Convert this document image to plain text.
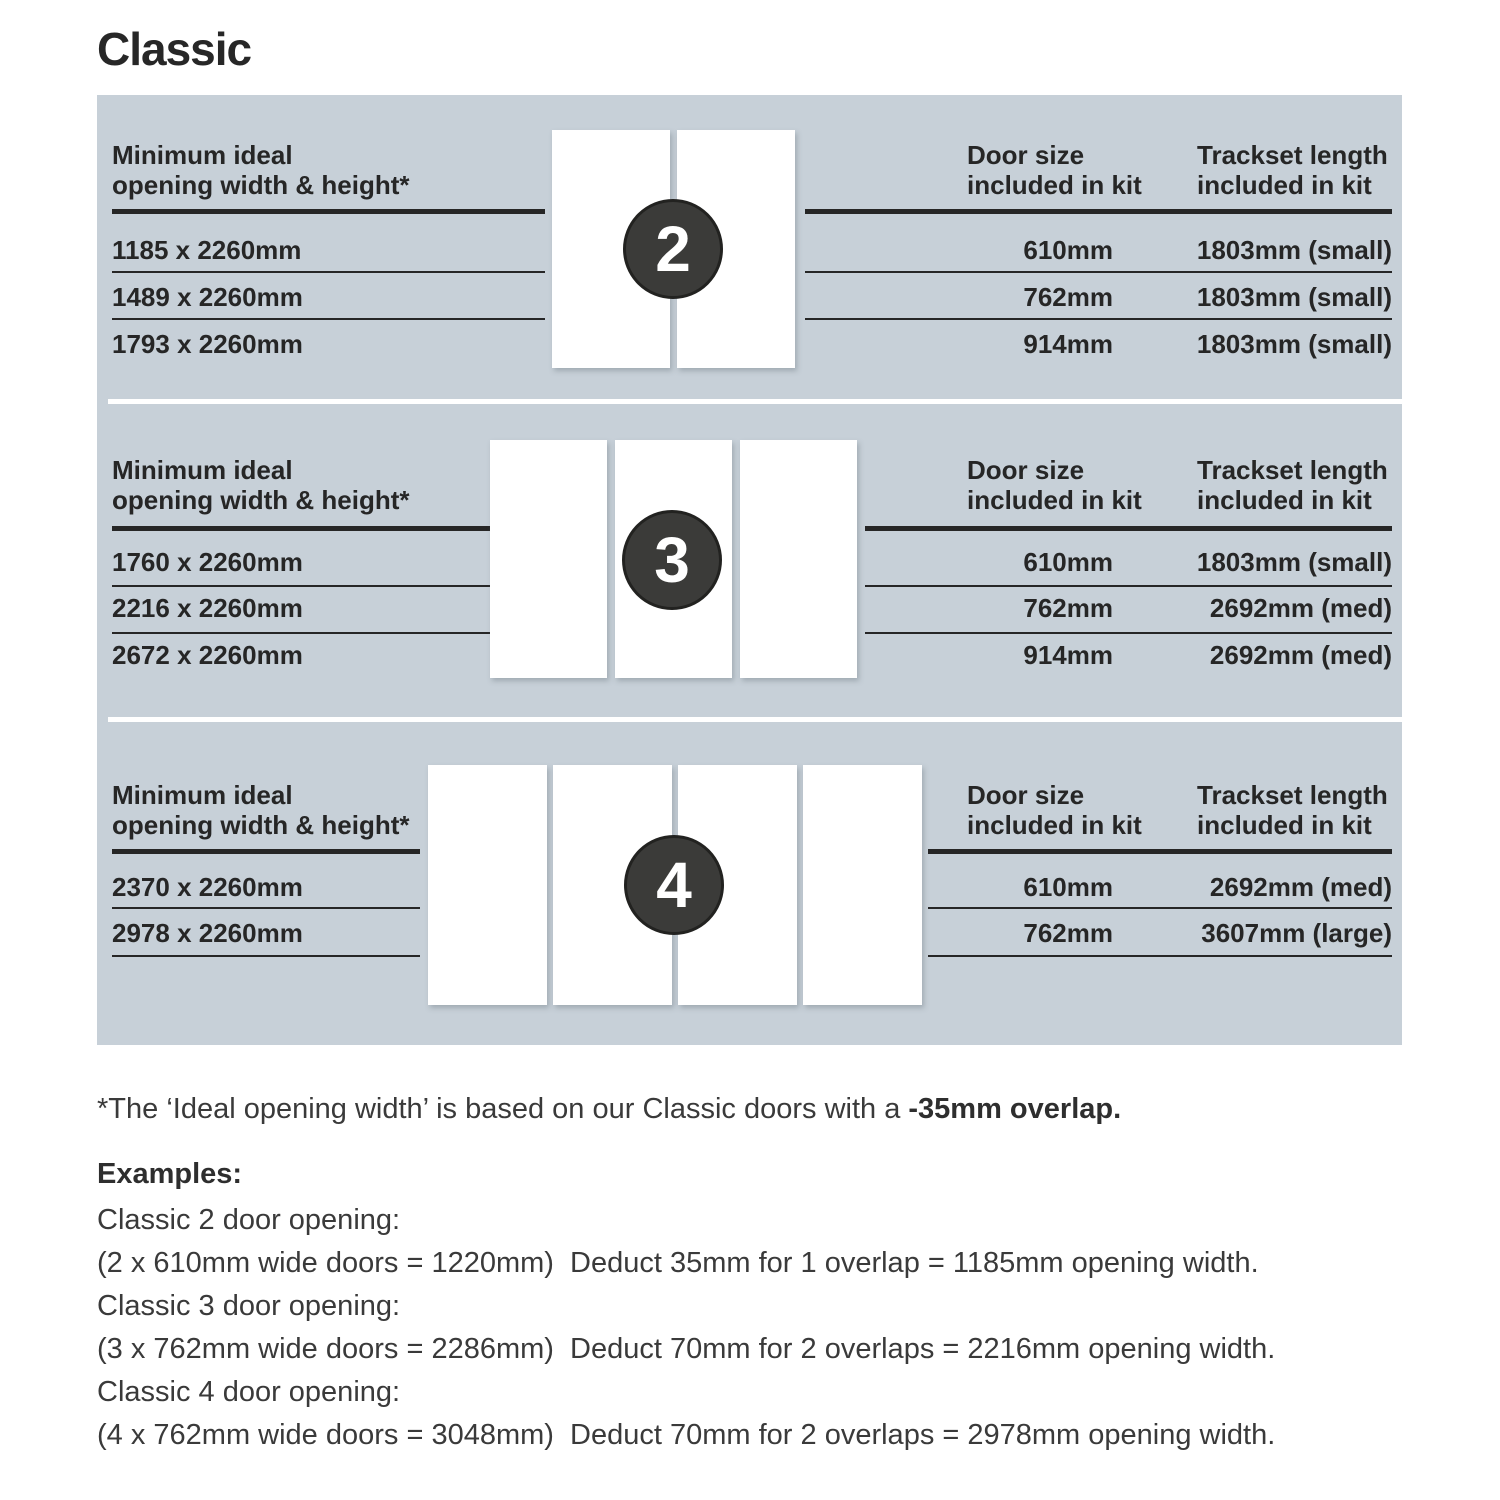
Classic
Minimum ideal
opening width & height*
Door size
included in kit
Trackset length
included in kit
1185 x 2260mm	610mm	1803mm (small)
1489 x 2260mm	762mm	1803mm (small)
1793 x 2260mm	914mm	1803mm (small)
2
Minimum ideal
opening width & height*
Door size
included in kit
Trackset length
included in kit
1760 x 2260mm	610mm	1803mm (small)
2216 x 2260mm	762mm	2692mm (med)
2672 x 2260mm	914mm	2692mm (med)
3
Minimum ideal
opening width & height*
Door size
included in kit
Trackset length
included in kit
2370 x 2260mm	610mm	2692mm (med)
2978 x 2260mm	762mm	3607mm (large)
4
*The ‘Ideal opening width’ is based on our Classic doors with a -35mm overlap.
Examples:
Classic 2 door opening:
(2 x 610mm wide doors = 1220mm)  Deduct 35mm for 1 overlap = 1185mm opening width.
Classic 3 door opening:
(3 x 762mm wide doors = 2286mm)  Deduct 70mm for 2 overlaps = 2216mm opening width.
Classic 4 door opening:
(4 x 762mm wide doors = 3048mm)  Deduct 70mm for 2 overlaps = 2978mm opening width.
